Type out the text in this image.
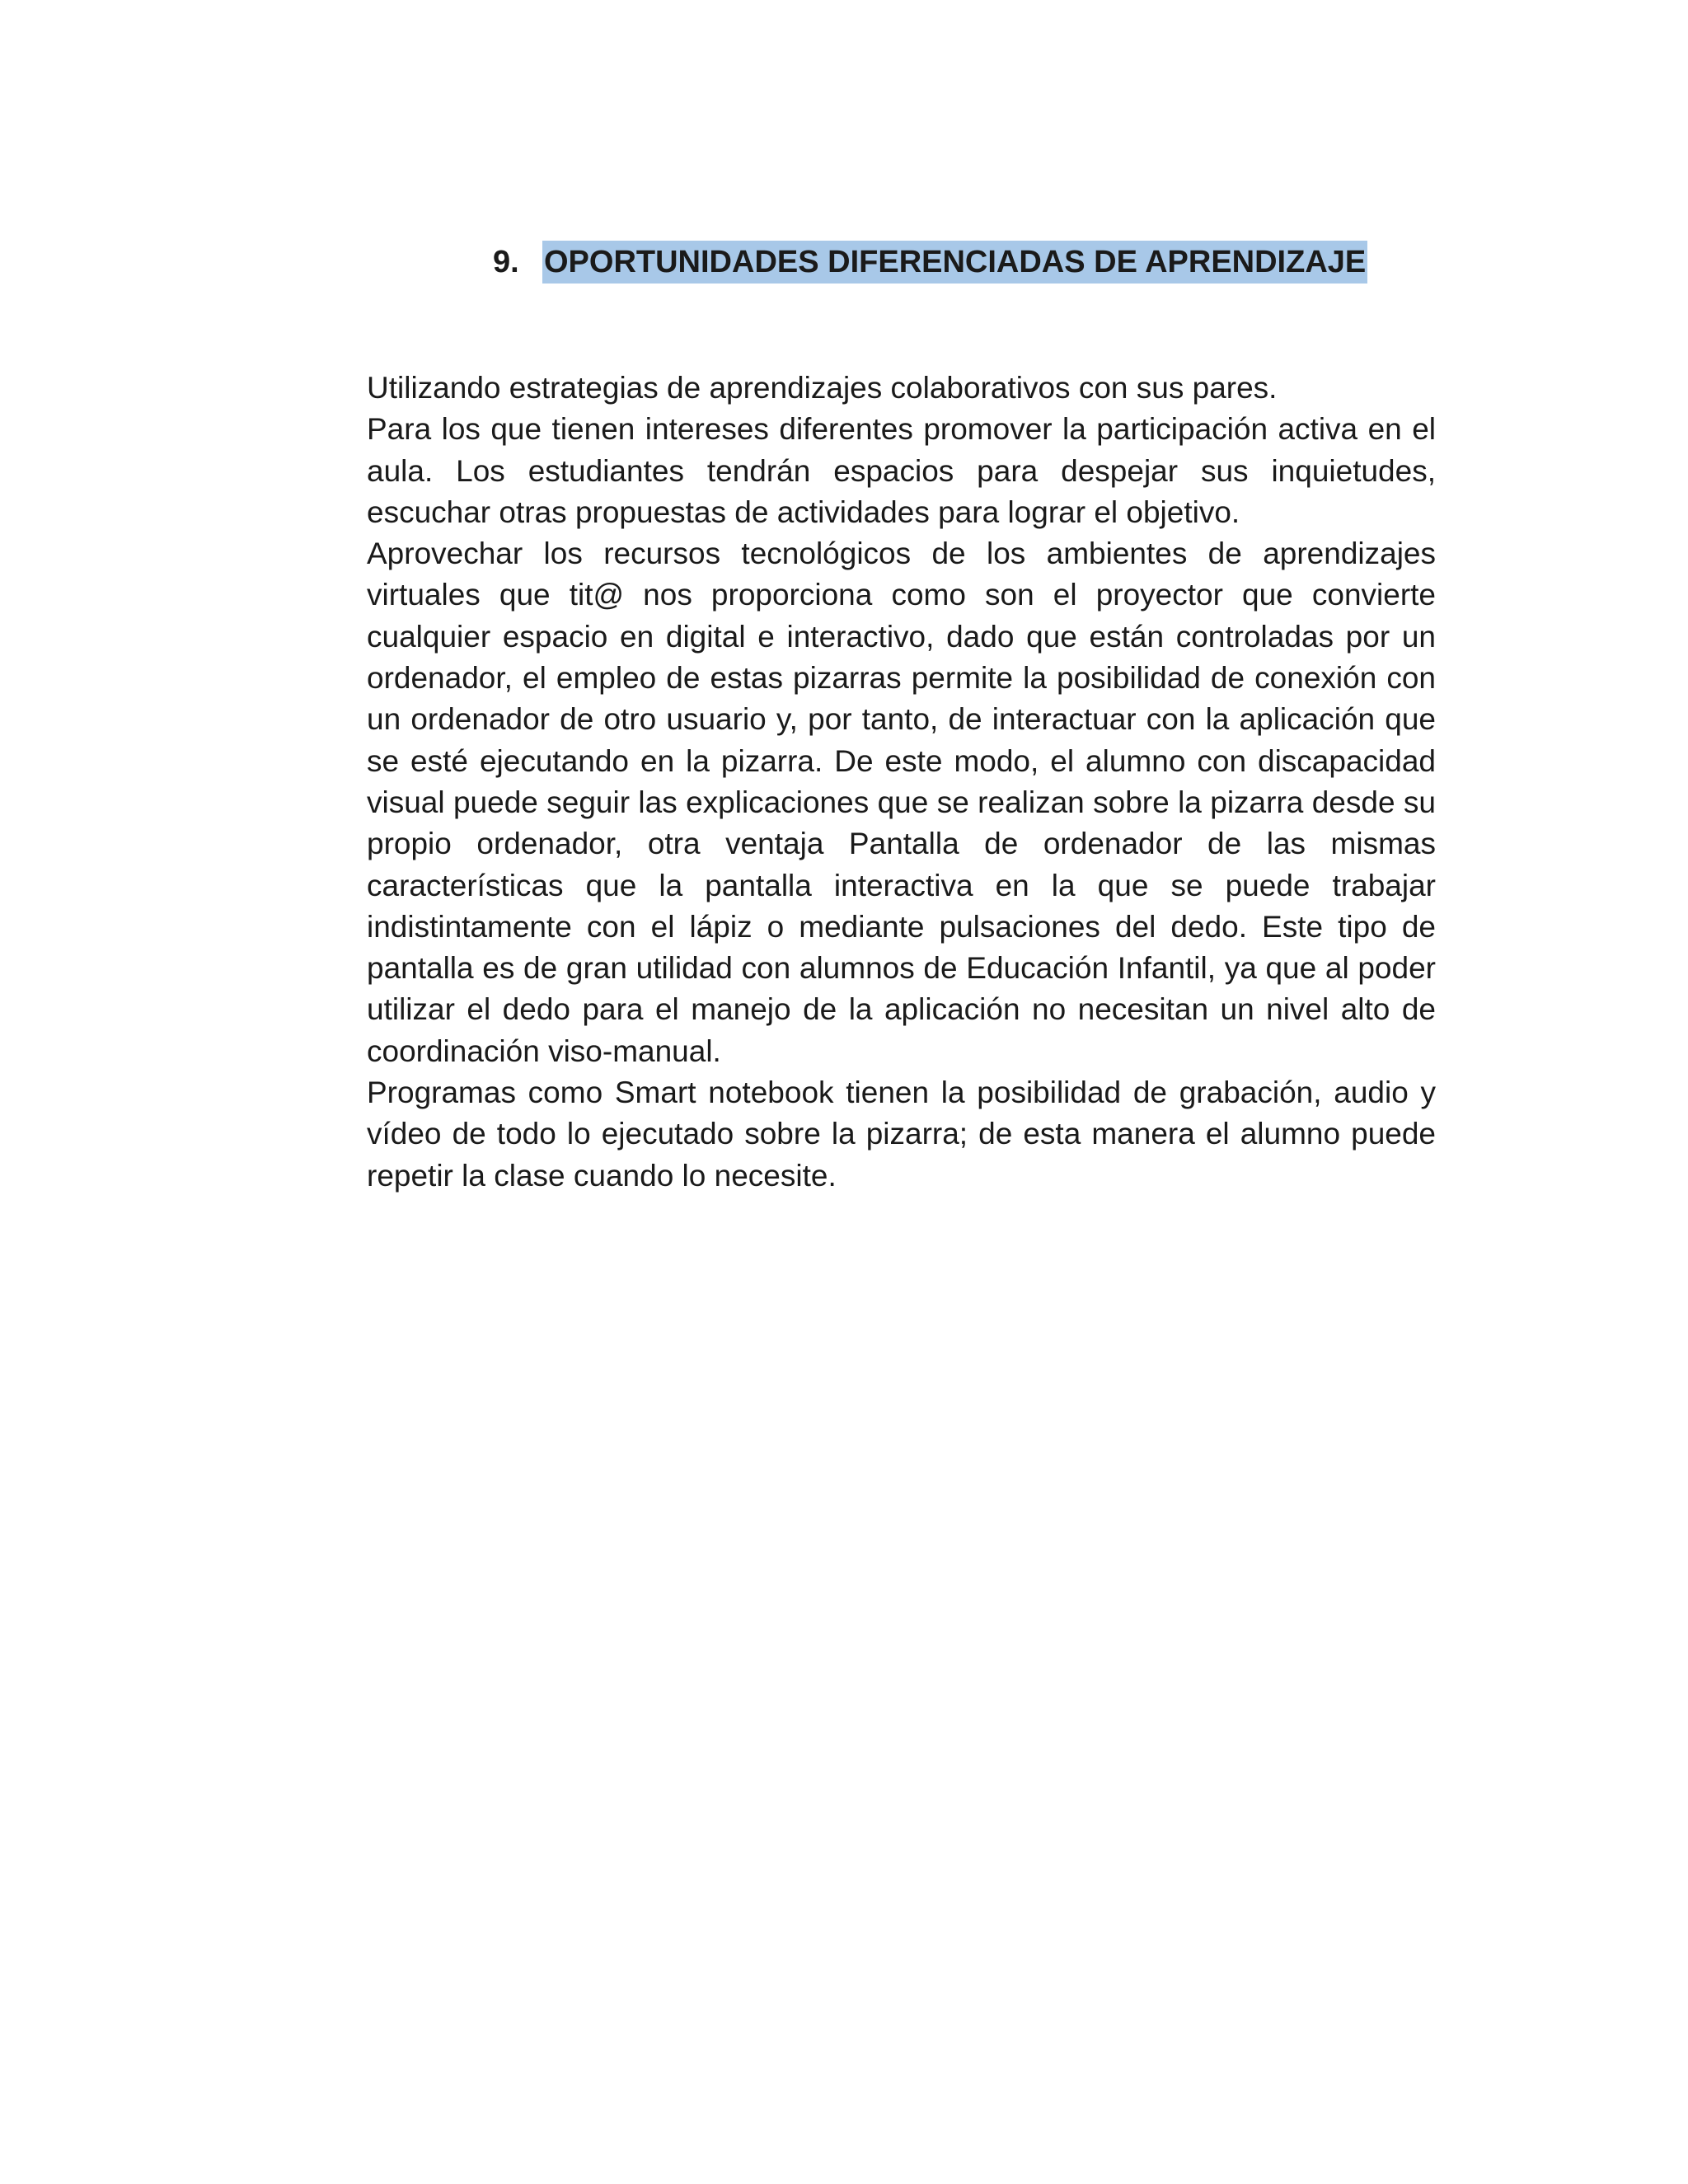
9. OPORTUNIDADES DIFERENCIADAS DE APRENDIZAJE

Utilizando estrategias de aprendizajes colaborativos con sus pares.

Para los que tienen intereses diferentes promover la participación activa en el aula. Los estudiantes tendrán espacios para despejar sus inquietudes, escuchar otras propuestas de actividades para lograr el objetivo.

Aprovechar los recursos tecnológicos de los ambientes de aprendizajes virtuales que tit@ nos proporciona como son el proyector que convierte cualquier espacio en digital e interactivo, dado que están controladas por un ordenador, el empleo de estas pizarras permite la posibilidad de conexión con un ordenador de otro usuario y, por tanto, de interactuar con la aplicación que se esté ejecutando en la pizarra. De este modo, el alumno con discapacidad visual puede seguir las explicaciones que se realizan sobre la pizarra desde su propio ordenador, otra ventaja Pantalla de ordenador de las mismas características que la pantalla interactiva en la que se puede trabajar indistintamente con el lápiz o mediante pulsaciones del dedo. Este tipo de pantalla es de gran utilidad con alumnos de Educación Infantil, ya que al poder utilizar el dedo para el manejo de la aplicación no necesitan un nivel alto de coordinación viso-manual.

Programas como Smart notebook tienen la posibilidad de grabación, audio y vídeo de todo lo ejecutado sobre la pizarra; de esta manera el alumno puede repetir la clase cuando lo necesite.
